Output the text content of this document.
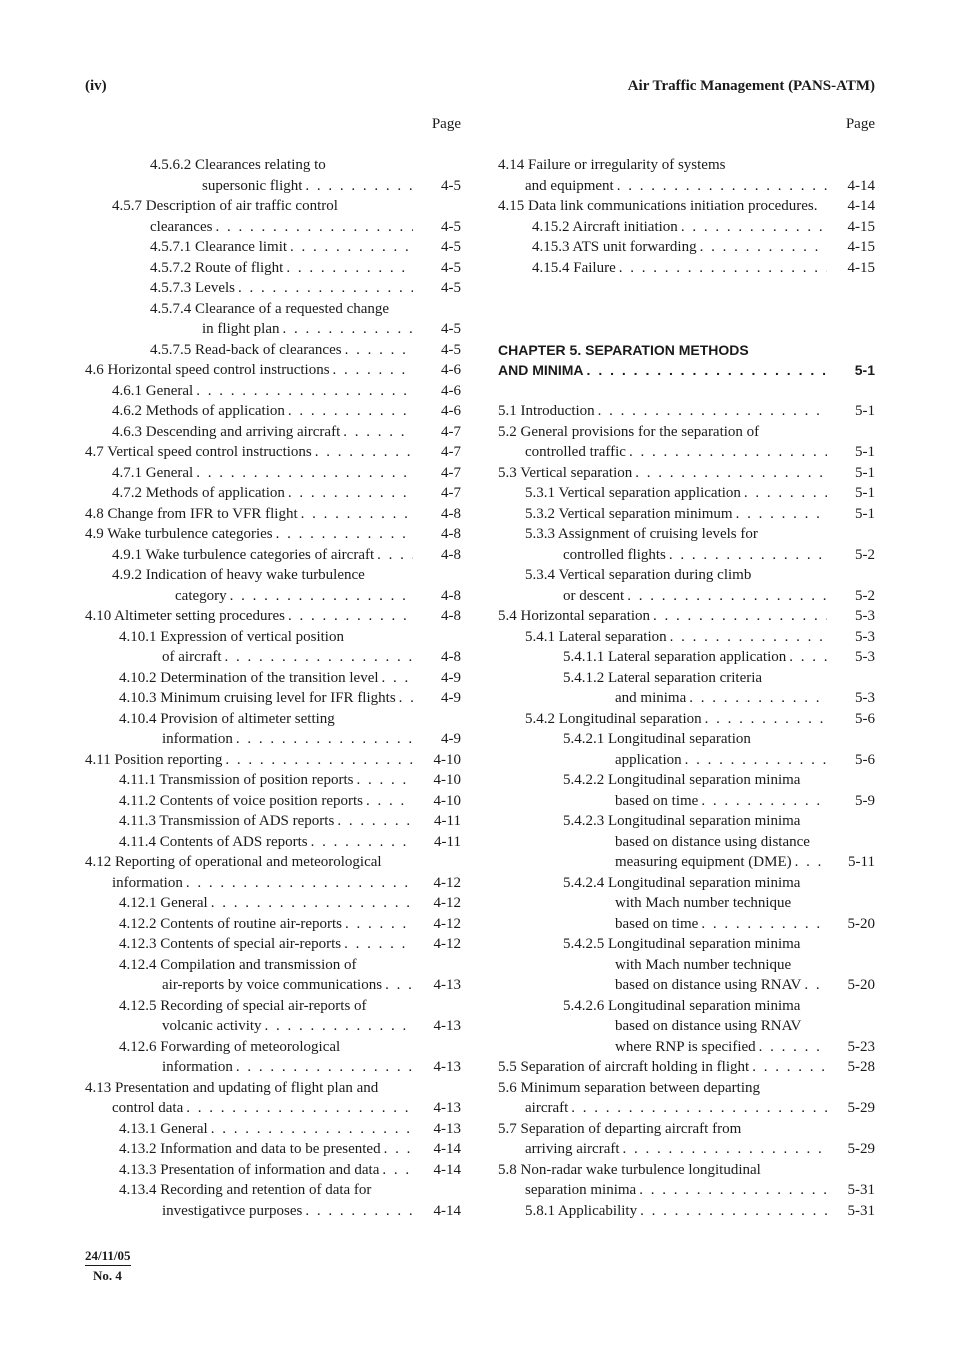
(iv)	Air Traffic Management (PANS-ATM)
Page	Page
4.5.6.2 Clearances relating to
supersonic flight . . .	4-5
4.5.7 Description of air traffic control
clearances . . .	4-5
4.5.7.1 Clearance limit . . .	4-5
4.5.7.2 Route of flight . . .	4-5
4.5.7.3 Levels . . .	4-5
4.5.7.4 Clearance of a requested change
in flight plan . . .	4-5
4.5.7.5 Read-back of clearances . . .	4-5
4.6 Horizontal speed control instructions . . .	4-6
4.6.1 General . . .	4-6
4.6.2 Methods of application . . .	4-6
4.6.3 Descending and arriving aircraft . . .	4-7
4.7 Vertical speed control instructions . . .	4-7
4.7.1 General . . .	4-7
4.7.2 Methods of application . . .	4-7
4.8 Change from IFR to VFR flight . . .	4-8
4.9 Wake turbulence categories . . .	4-8
4.9.1 Wake turbulence categories of aircraft . . .	4-8
4.9.2 Indication of heavy wake turbulence
category . . .	4-8
4.10 Altimeter setting procedures . . .	4-8
4.10.1 Expression of vertical position
of aircraft . . .	4-8
4.10.2 Determination of the transition level . . .	4-9
4.10.3 Minimum cruising level for IFR flights . . .	4-9
4.10.4 Provision of altimeter setting
information . . .	4-9
4.11 Position reporting . . .	4-10
4.11.1 Transmission of position reports . . .	4-10
4.11.2 Contents of voice position reports . . .	4-10
4.11.3 Transmission of ADS reports . . .	4-11
4.11.4 Contents of ADS reports . . .	4-11
4.12 Reporting of operational and meteorological
information . . .	4-12
4.12.1 General . . .	4-12
4.12.2 Contents of routine air-reports . . .	4-12
4.12.3 Contents of special air-reports . . .	4-12
4.12.4 Compilation and transmission of
air-reports by voice communications . . .	4-13
4.12.5 Recording of special air-reports of
volcanic activity . . .	4-13
4.12.6 Forwarding of meteorological
information . . .	4-13
4.13 Presentation and updating of flight plan and
control data . . .	4-13
4.13.1 General . . .	4-13
4.13.2 Information and data to be presented . . .	4-14
4.13.3 Presentation of information and data . . .	4-14
4.13.4 Recording and retention of data for
investigativce purposes . . .	4-14
4.14 Failure or irregularity of systems
and equipment . . .	4-14
4.15 Data link communications initiation procedures.	4-14
4.15.2 Aircraft initiation . . .	4-15
4.15.3 ATS unit forwarding . . .	4-15
4.15.4 Failure . . .	4-15
CHAPTER 5. SEPARATION METHODS
AND MINIMA . . .	5-1
5.1 Introduction . . .	5-1
5.2 General provisions for the separation of
controlled traffic . . .	5-1
5.3 Vertical separation . . .	5-1
5.3.1 Vertical separation application . . .	5-1
5.3.2 Vertical separation minimum . . .	5-1
5.3.3 Assignment of cruising levels for
controlled flights . . .	5-2
5.3.4 Vertical separation during climb
or descent . . .	5-2
5.4 Horizontal separation . . .	5-3
5.4.1 Lateral separation . . .	5-3
5.4.1.1 Lateral separation application . . .	5-3
5.4.1.2 Lateral separation criteria
and minima . . .	5-3
5.4.2 Longitudinal separation . . .	5-6
5.4.2.1 Longitudinal separation
application . . .	5-6
5.4.2.2 Longitudinal separation minima
based on time . . .	5-9
5.4.2.3 Longitudinal separation minima
based on distance using distance
measuring equipment (DME) . . .	5-11
5.4.2.4 Longitudinal separation minima
with Mach number technique
based on time . . .	5-20
5.4.2.5 Longitudinal separation minima
with Mach number technique
based on distance using RNAV . . .	5-20
5.4.2.6 Longitudinal separation minima
based on distance using RNAV
where RNP is specified . . .	5-23
5.5 Separation of aircraft holding in flight . . .	5-28
5.6 Minimum separation between departing
aircraft . . .	5-29
5.7 Separation of departing aircraft from
arriving aircraft . . .	5-29
5.8 Non-radar wake turbulence longitudinal
separation minima . . .	5-31
5.8.1 Applicability . . .	5-31
24/11/05
No. 4
